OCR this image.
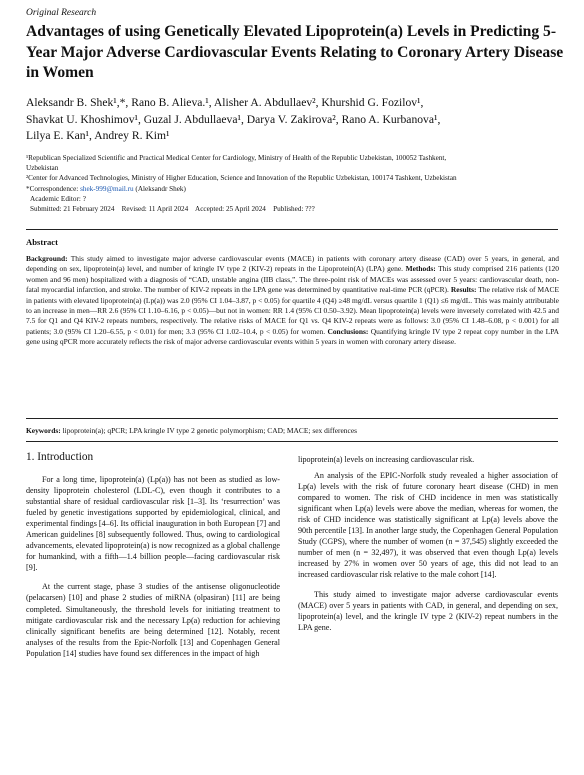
Original Research
Advantages of using Genetically Elevated Lipoprotein(a) Levels in Predicting 5-Year Major Adverse Cardiovascular Events Relating to Coronary Artery Disease in Women
Aleksandr B. Shek¹,*, Rano B. Alieva.¹, Alisher A. Abdullaev², Khurshid G. Fozilov¹,
Shavkat U. Khoshimov¹, Guzal J. Abdullaeva¹, Darya V. Zakirova², Rano A. Kurbanova¹,
Lilya E. Kan¹, Andrey R. Kim¹
¹Republican Specialized Scientific and Practical Medical Center for Cardiology, Ministry of Health of the Republic Uzbekistan, 100052 Tashkent,
Uzbekistan
²Center for Advanced Technologies, Ministry of Higher Education, Science and Innovation of the Republic Uzbekistan, 100174 Tashkent, Uzbekistan
*Correspondence: shek-999@mail.ru (Aleksandr Shek)
Academic Editor: ?
Submitted: 21 February 2024    Revised: 11 April 2024    Accepted: 25 April 2024    Published: ???
Abstract
Background: This study aimed to investigate major adverse cardiovascular events (MACE) in patients with coronary artery disease (CAD) over 5 years, in general, and depending on sex, lipoprotein(a) level, and number of kringle IV type 2 (KIV-2) repeats in the Lipoprotein(A) (LPA) gene. Methods: This study comprised 216 patients (120 women and 96 men) hospitalized with a diagnosis of “CAD, unstable angina (IIB class,”. The three-point risk of MACEs was assessed over 5 years: cardiovascular death, non-fatal myocardial infarction, and stroke. The number of KIV-2 repeats in the LPA gene was determined by quantitative real-time PCR (qPCR). Results: The relative risk of MACE in patients with elevated lipoprotein(a) (Lp(a)) was 2.0 (95% CI 1.04–3.87, p < 0.05) for quartile 4 (Q4) ≥48 mg/dL versus quartile 1 (Q1) ≤6 mg/dL. This was mainly attributable to an increase in men—RR 2.6 (95% CI 1.10–6.16, p < 0.05)—but not in women: RR 1.4 (95% CI 0.50–3.92). Mean lipoprotein(a) levels were inversely correlated with 42.5 and 7.5 for Q1 and Q4 KIV-2 repeats numbers, respectively. The relative risks of MACE for Q1 vs. Q4 KIV-2 repeats were as follows: 3.0 (95% CI 1.48–6.08, p < 0.001) for all patients; 3.0 (95% CI 1.20–6.55, p < 0.01) for men; 3.3 (95% CI 1.02–10.4, p < 0.05) for women. Conclusions: Quantifying kringle IV type 2 repeat copy number in the LPA gene using qPCR more accurately reflects the risk of major adverse cardiovascular events within 5 years in women with coronary artery disease.
Keywords: lipoprotein(a); qPCR; LPA kringle IV type 2 genetic polymorphism; CAD; MACE; sex differences
1. Introduction

For a long time, lipoprotein(a) (Lp(a)) has not been as studied as low-density lipoprotein cholesterol (LDL-C), even though it contributes to a substantial share of residual cardiovascular risk [1–3]. Its ‘resurrection’ was fueled by genetic investigations supported by epidemiological, clinical, and experimental findings [4–6]. Its official inauguration in both European [7] and American guidelines [8] subsequently followed. Thus, owing to cardiological advancements, elevated lipoprotein(a) is now recognized as a global challenge for humankind, with a fifth—1.4 billion people—facing cardiovascular risk [9].

At the current stage, phase 3 studies of the antisense oligonucleotide (pelacarsen) [10] and phase 2 studies of miRNA (olpasiran) [11] are being completed. Simultaneously, the threshold levels for initiating treatment to mitigate cardiovascular risk and the necessary Lp(a) reduction for achieving clinically significant benefits are being determined [12]. Notably, recent analyses of the results from the Epic-Norfolk [13] and Copenhagen General Population [14] studies have found sex differences in the impact of high

lipoprotein(a) levels on increasing cardiovascular risk.

An analysis of the EPIC-Norfolk study revealed a higher association of Lp(a) levels with the risk of future coronary heart disease (CHD) in men compared to women. The risk of CHD incidence in men was statistically significant when Lp(a) levels were above the median, whereas for women, the risk of CHD incidence was statistically significant at Lp(a) levels above the 90th percentile [13]. In another large study, the Copenhagen General Population Study (CGPS), where the number of women (n = 37,545) slightly exceeded the number of men (n = 32,497), it was observed that even though Lp(a) levels increased by 27% in women over 50 years of age, this did not lead to an increased cardiovascular risk relative to the male cohort [14].

This study aimed to investigate major adverse cardiovascular events (MACE) over 5 years in patients with CAD, in general, and depending on sex, lipoprotein(a) level, and the kringle IV type 2 (KIV-2) repeat numbers in the LPA gene.
